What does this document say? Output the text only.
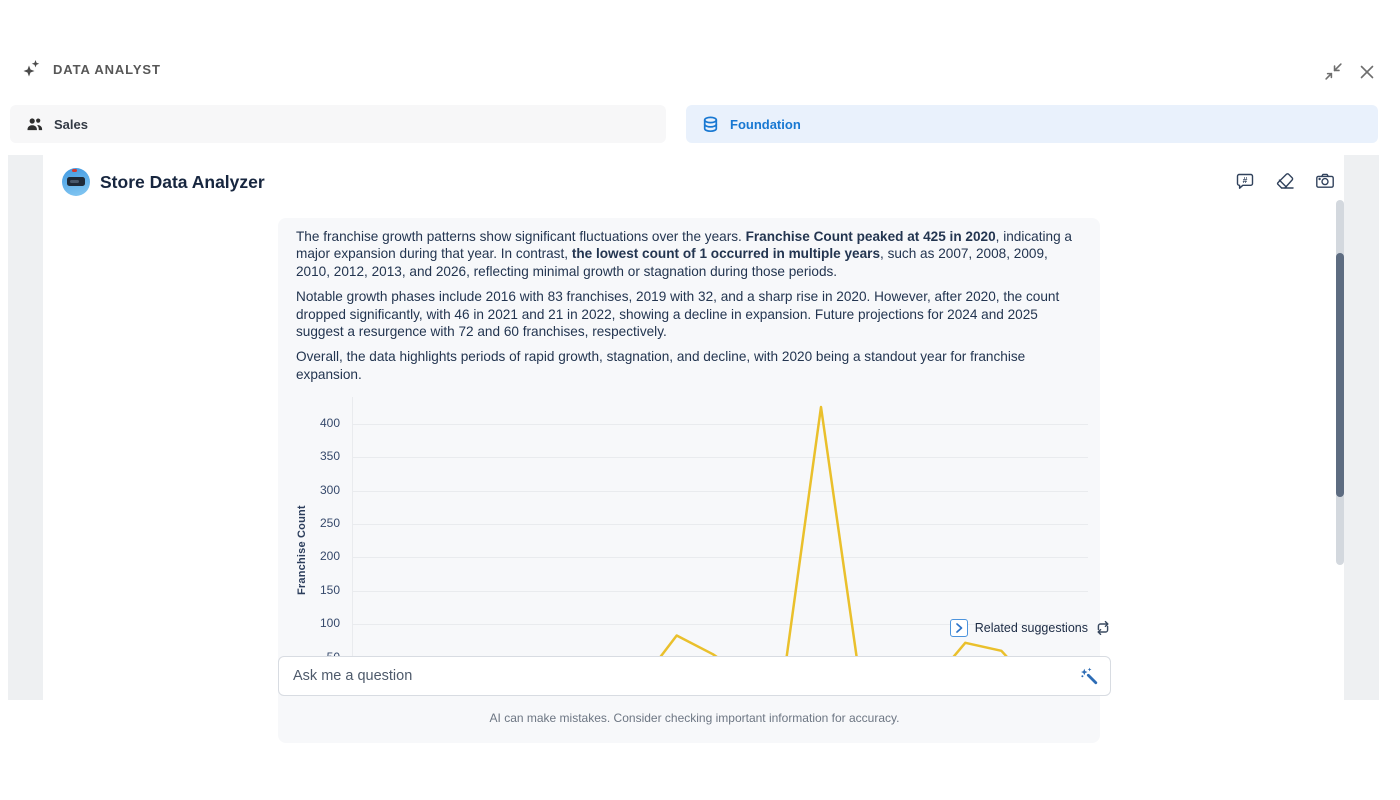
DATA ANALYST
Sales	Foundation
Store Data Analyzer	#

The franchise growth patterns show significant fluctuations over the years. Franchise Count peaked at 425 in 2020, indicating a major expansion during that year. In contrast, the lowest count of 1 occurred in multiple years, such as 2007, 2008, 2009, 2010, 2012, 2013, and 2026, reflecting minimal growth or stagnation during those periods.

Notable growth phases include 2016 with 83 franchises, 2019 with 32, and a sharp rise in 2020. However, after 2020, the count dropped significantly, with 46 in 2021 and 21 in 2022, showing a decline in expansion. Future projections for 2024 and 2025 suggest a resurgence with 72 and 60 franchises, respectively.

Overall, the data highlights periods of rapid growth, stagnation, and decline, with 2020 being a standout year for franchise expansion.

Franchise Count
100
150
200
250
300
350
400
Related suggestions
Ask me a question
AI can make mistakes. Consider checking important information for accuracy.
